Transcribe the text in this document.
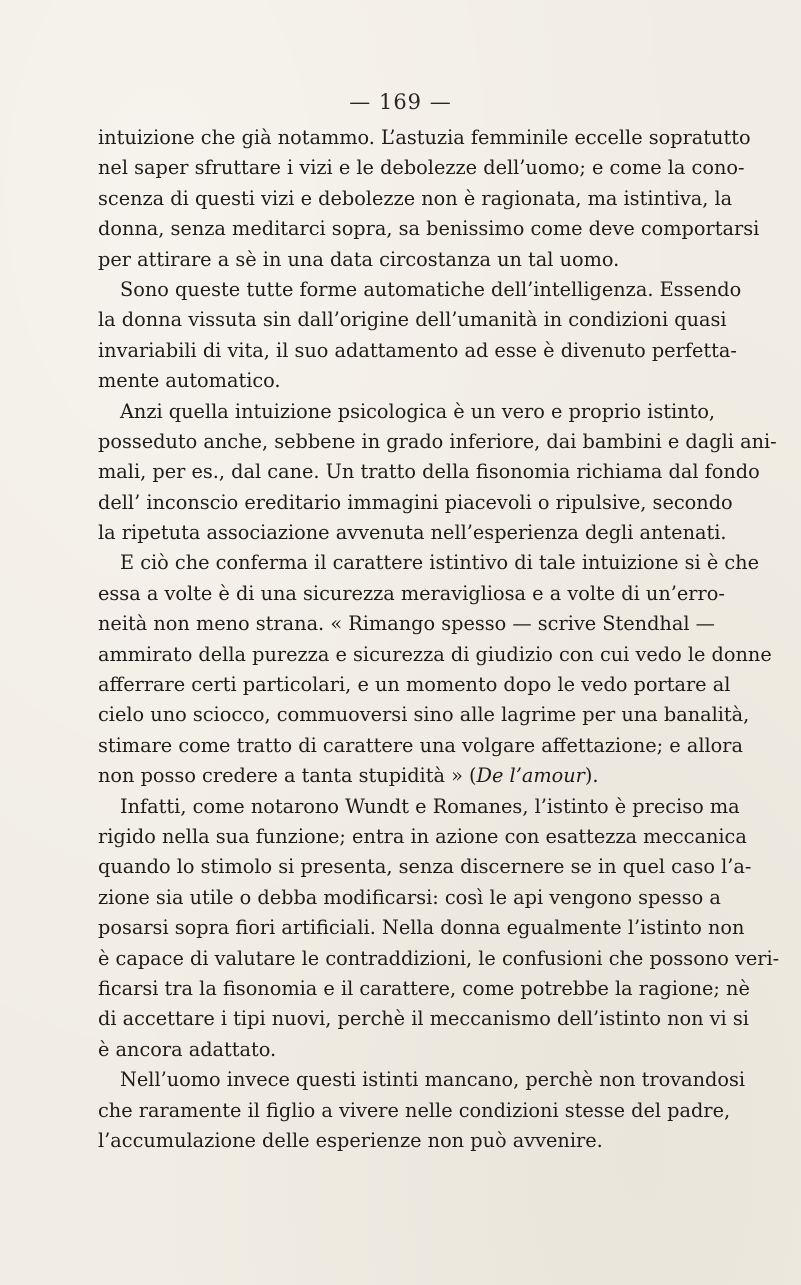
— 169 —
intuizione che già notammo. L’astuzia femminile eccelle sopratutto
nel saper sfruttare i vizi e le debolezze dell’uomo; e come la cono-
scenza di questi vizi e debolezze non è ragionata, ma istintiva, la
donna, senza meditarci sopra, sa benissimo come deve comportarsi
per attirare a sè in una data circostanza un tal uomo.
Sono queste tutte forme automatiche dell’intelligenza. Essendo
la donna vissuta sin dall’origine dell’umanità in condizioni quasi
invariabili di vita, il suo adattamento ad esse è divenuto perfetta-
mente automatico.
Anzi quella intuizione psicologica è un vero e proprio istinto,
posseduto anche, sebbene in grado inferiore, dai bambini e dagli ani-
mali, per es., dal cane. Un tratto della fisonomia richiama dal fondo
dell’ inconscio ereditario immagini piacevoli o ripulsive, secondo
la ripetuta associazione avvenuta nell’esperienza degli antenati.
E ciò che conferma il carattere istintivo di tale intuizione si è che
essa a volte è di una sicurezza meravigliosa e a volte di un’erro-
neità non meno strana. « Rimango spesso — scrive Stendhal —
ammirato della purezza e sicurezza di giudizio con cui vedo le donne
afferrare certi particolari, e un momento dopo le vedo portare al
cielo uno sciocco, commuoversi sino alle lagrime per una banalità,
stimare come tratto di carattere una volgare affettazione; e allora
non posso credere a tanta stupidità » (De l’amour).
Infatti, come notarono Wundt e Romanes, l’istinto è preciso ma
rigido nella sua funzione; entra in azione con esattezza meccanica
quando lo stimolo si presenta, senza discernere se in quel caso l’a-
zione sia utile o debba modificarsi: così le api vengono spesso a
posarsi sopra fiori artificiali. Nella donna egualmente l’istinto non
è capace di valutare le contraddizioni, le confusioni che possono veri-
ficarsi tra la fisonomia e il carattere, come potrebbe la ragione; nè
di accettare i tipi nuovi, perchè il meccanismo dell’istinto non vi si
è ancora adattato.
Nell’uomo invece questi istinti mancano, perchè non trovandosi
che raramente il figlio a vivere nelle condizioni stesse del padre,
l’accumulazione delle esperienze non può avvenire.
